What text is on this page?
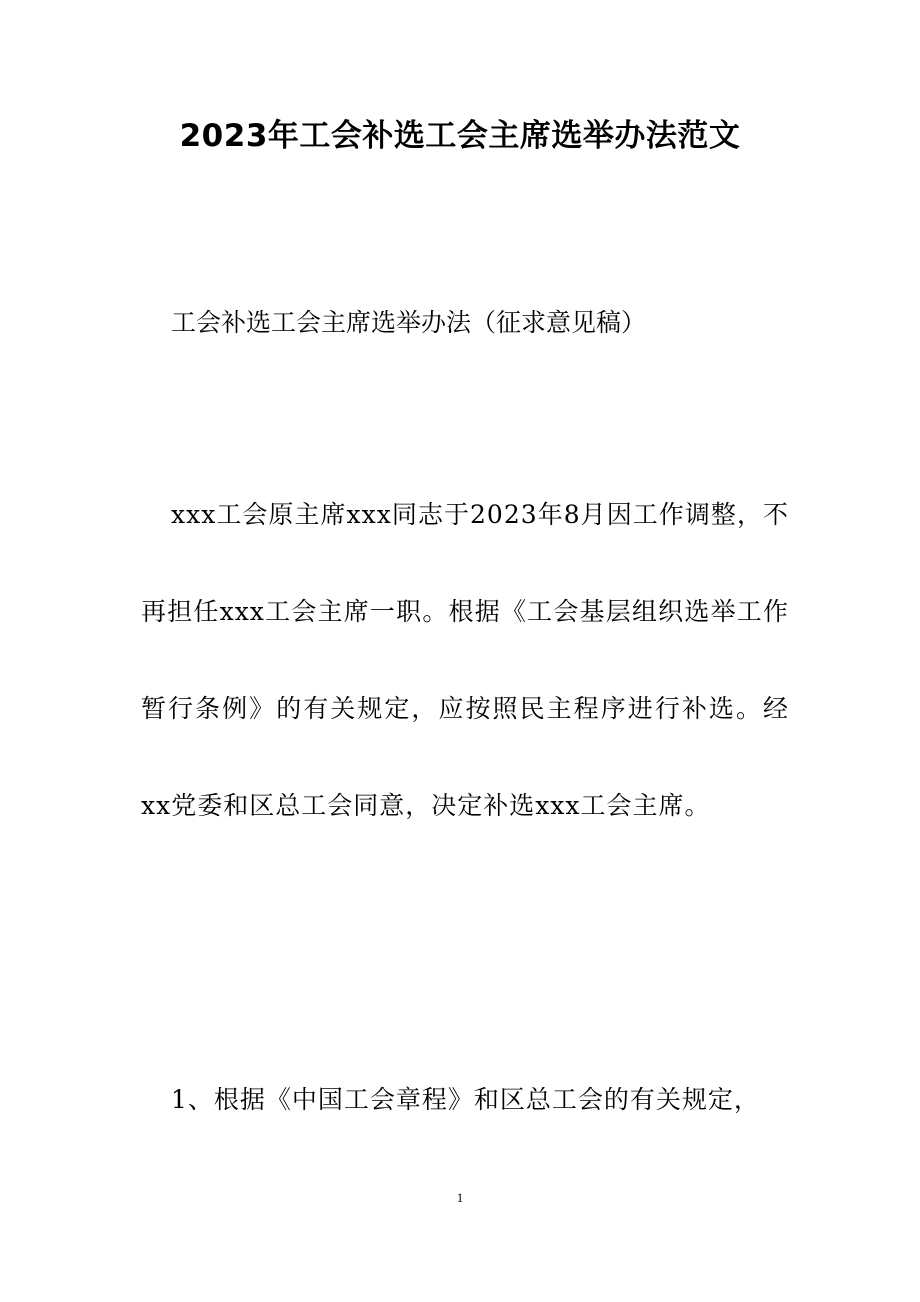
2023年工会补选工会主席选举办法范文

工会补选工会主席选举办法（征求意见稿）

xxx工会原主席xxx同志于2023年8月因工作调整，不再担任xxx工会主席一职。根据《工会基层组织选举工作暂行条例》的有关规定，应按照民主程序进行补选。经xx党委和区总工会同意，决定补选xxx工会主席。

1、根据《中国工会章程》和区总工会的有关规定，

1
